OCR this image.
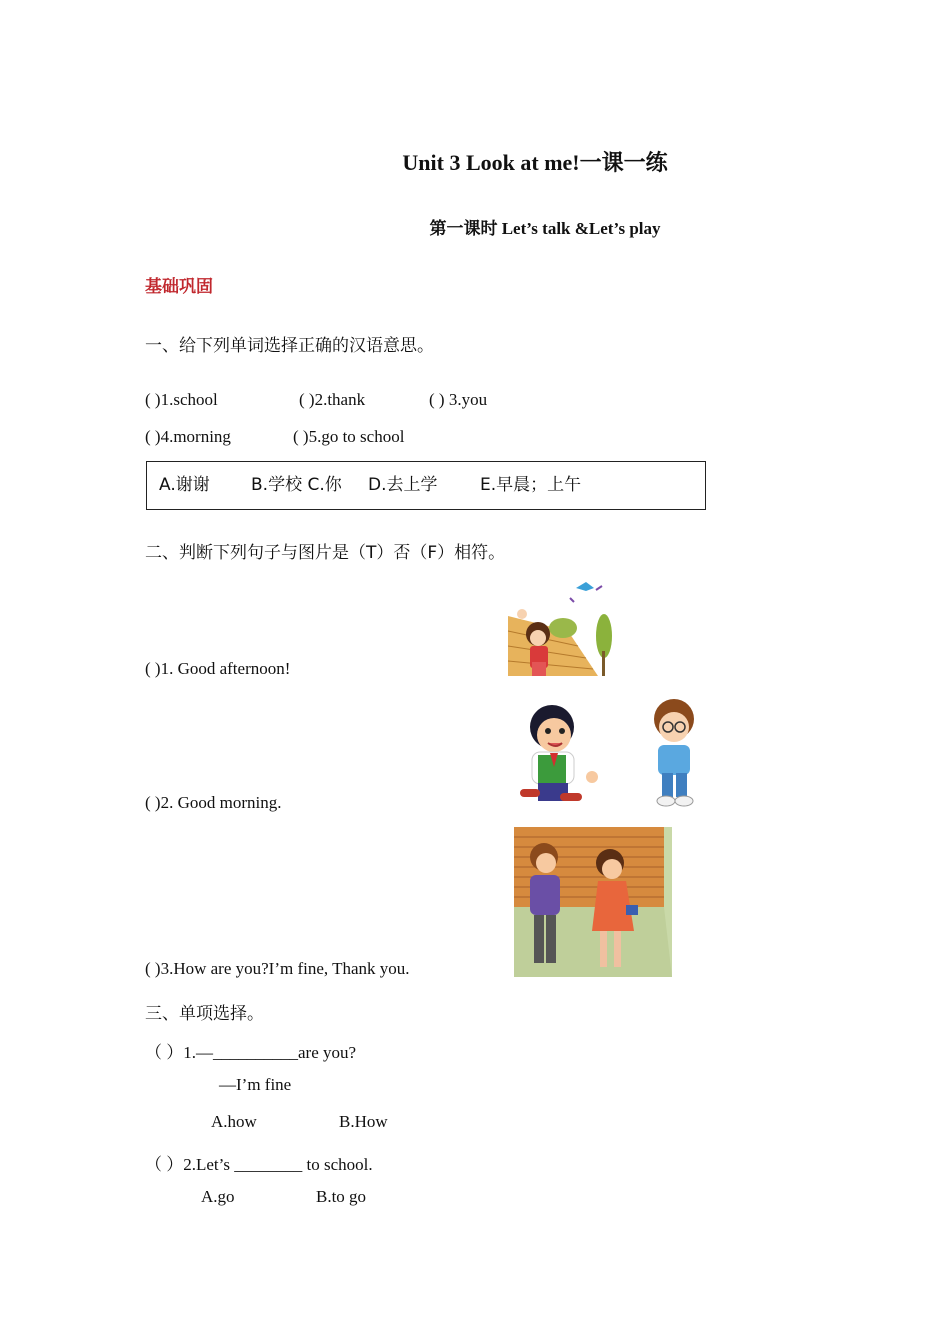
Unit 3 Look at me!一课一练
第一课时 Let’s talk &Let’s play
基础巩固
一、给下列单词选择正确的汉语意思。
( )1.school	( )2.thank	( ) 3.you
( )4.morning	( )5.go to school
A.谢谢 B.学校 C.你 D.去上学	E.早晨；上午
二、判断下列句子与图片是（T）否（F）相符。
( )1. Good afternoon!
( )2. Good morning.
( )3.How are you?I’m fine, Thank you.
三、单项选择。
（ ）1.—__________are you?
—I’m fine
A.how	B.How
（ ）2.Let’s ________ to school.
A.go	B.to go
